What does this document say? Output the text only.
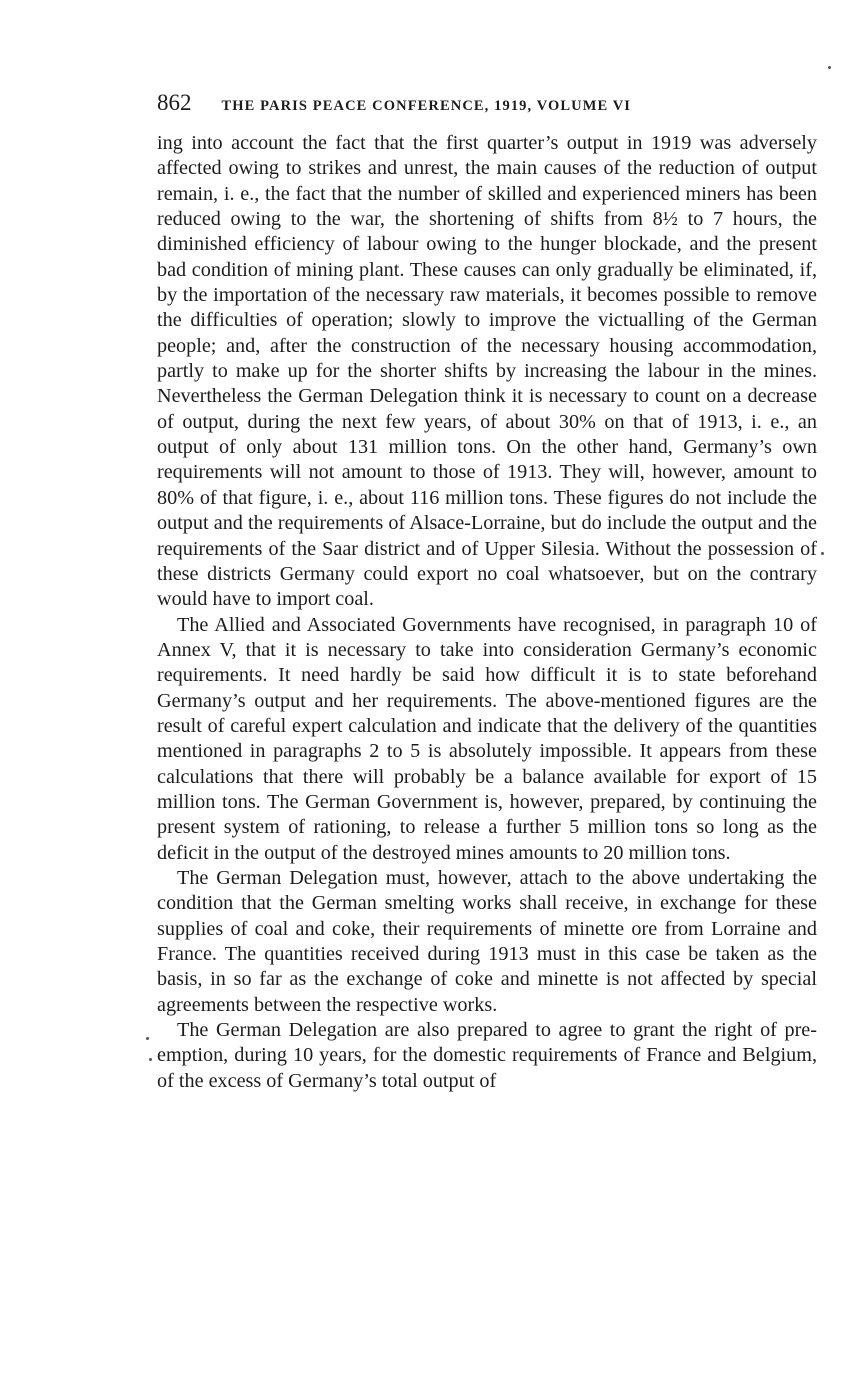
862 THE PARIS PEACE CONFERENCE, 1919, VOLUME VI

ing into account the fact that the first quarter’s output in 1919 was adversely affected owing to strikes and unrest, the main causes of the reduction of output remain, i. e., the fact that the number of skilled and experienced miners has been reduced owing to the war, the shortening of shifts from 8½ to 7 hours, the diminished efficiency of labour owing to the hunger blockade, and the present bad condition of mining plant. These causes can only gradually be eliminated, if, by the importation of the necessary raw materials, it becomes possible to remove the difficulties of operation; slowly to improve the victualling of the German people; and, after the construction of the necessary housing accommodation, partly to make up for the shorter shifts by increasing the labour in the mines. Nevertheless the German Delegation think it is necessary to count on a decrease of output, during the next few years, of about 30% on that of 1913, i. e., an output of only about 131 million tons. On the other hand, Germany’s own requirements will not amount to those of 1913. They will, however, amount to 80% of that figure, i. e., about 116 million tons. These figures do not include the output and the requirements of Alsace-Lorraine, but do include the output and the requirements of the Saar district and of Upper Silesia. Without the possession of these districts Germany could export no coal whatsoever, but on the contrary would have to import coal.

The Allied and Associated Governments have recognised, in paragraph 10 of Annex V, that it is necessary to take into consideration Germany’s economic requirements. It need hardly be said how difficult it is to state beforehand Germany’s output and her requirements. The above-mentioned figures are the result of careful expert calculation and indicate that the delivery of the quantities mentioned in paragraphs 2 to 5 is absolutely impossible. It appears from these calculations that there will probably be a balance available for export of 15 million tons. The German Government is, however, prepared, by continuing the present system of rationing, to release a further 5 million tons so long as the deficit in the output of the destroyed mines amounts to 20 million tons.

The German Delegation must, however, attach to the above undertaking the condition that the German smelting works shall receive, in exchange for these supplies of coal and coke, their requirements of minette ore from Lorraine and France. The quantities received during 1913 must in this case be taken as the basis, in so far as the exchange of coke and minette is not affected by special agreements between the respective works.

The German Delegation are also prepared to agree to grant the right of pre-emption, during 10 years, for the domestic requirements of France and Belgium, of the excess of Germany’s total output of
